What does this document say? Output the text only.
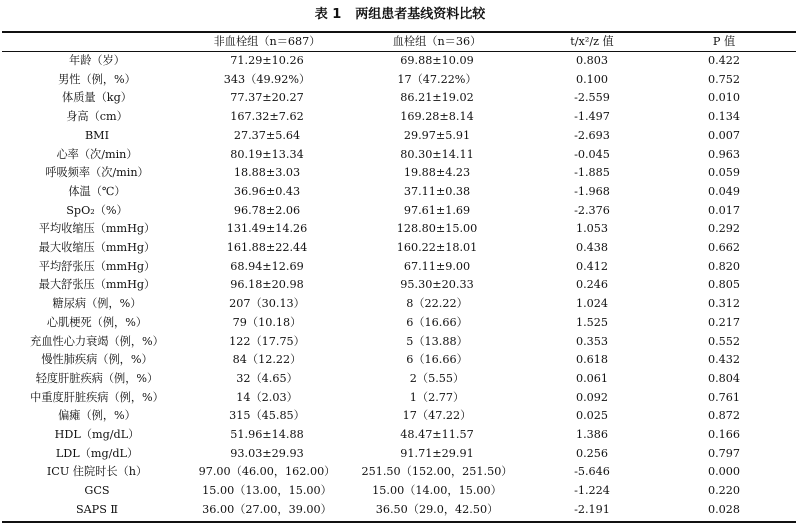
表 1 两组患者基线资料比较
	非血栓组（n＝687）	血栓组（n＝36）	t/x²/z 值	P 值
年龄（岁）	71.29±10.26	69.88±10.09	0.803	0.422
男性（例，%）	343（49.92%）	17（47.22%）	0.100	0.752
体质量（kg）	77.37±20.27	86.21±19.02	-2.559	0.010
身高（cm）	167.32±7.62	169.28±8.14	-1.497	0.134
BMI	27.37±5.64	29.97±5.91	-2.693	0.007
心率（次/min）	80.19±13.34	80.30±14.11	-0.045	0.963
呼吸频率（次/min）	18.88±3.03	19.88±4.23	-1.885	0.059
体温（℃）	36.96±0.43	37.11±0.38	-1.968	0.049
SpO₂（%）	96.78±2.06	97.61±1.69	-2.376	0.017
平均收缩压（mmHg）	131.49±14.26	128.80±15.00	1.053	0.292
最大收缩压（mmHg）	161.88±22.44	160.22±18.01	0.438	0.662
平均舒张压（mmHg）	68.94±12.69	67.11±9.00	0.412	0.820
最大舒张压（mmHg）	96.18±20.98	95.30±20.33	0.246	0.805
糖尿病（例，%）	207（30.13）	8（22.22）	1.024	0.312
心肌梗死（例，%）	79（10.18）	6（16.66）	1.525	0.217
充血性心力衰竭（例，%）	122（17.75）	5（13.88）	0.353	0.552
慢性肺疾病（例，%）	84（12.22）	6（16.66）	0.618	0.432
轻度肝脏疾病（例，%）	32（4.65）	2（5.55）	0.061	0.804
中重度肝脏疾病（例，%）	14（2.03）	1（2.77）	0.092	0.761
偏瘫（例，%）	315（45.85）	17（47.22）	0.025	0.872
HDL（mg/dL）	51.96±14.88	48.47±11.57	1.386	0.166
LDL（mg/dL）	93.03±29.93	91.71±29.91	0.256	0.797
ICU 住院时长（h）	97.00（46.00，162.00）	251.50（152.00，251.50）	-5.646	0.000
GCS	15.00（13.00，15.00）	15.00（14.00，15.00）	-1.224	0.220
SAPS Ⅱ	36.00（27.00，39.00）	36.50（29.0，42.50）	-2.191	0.028
